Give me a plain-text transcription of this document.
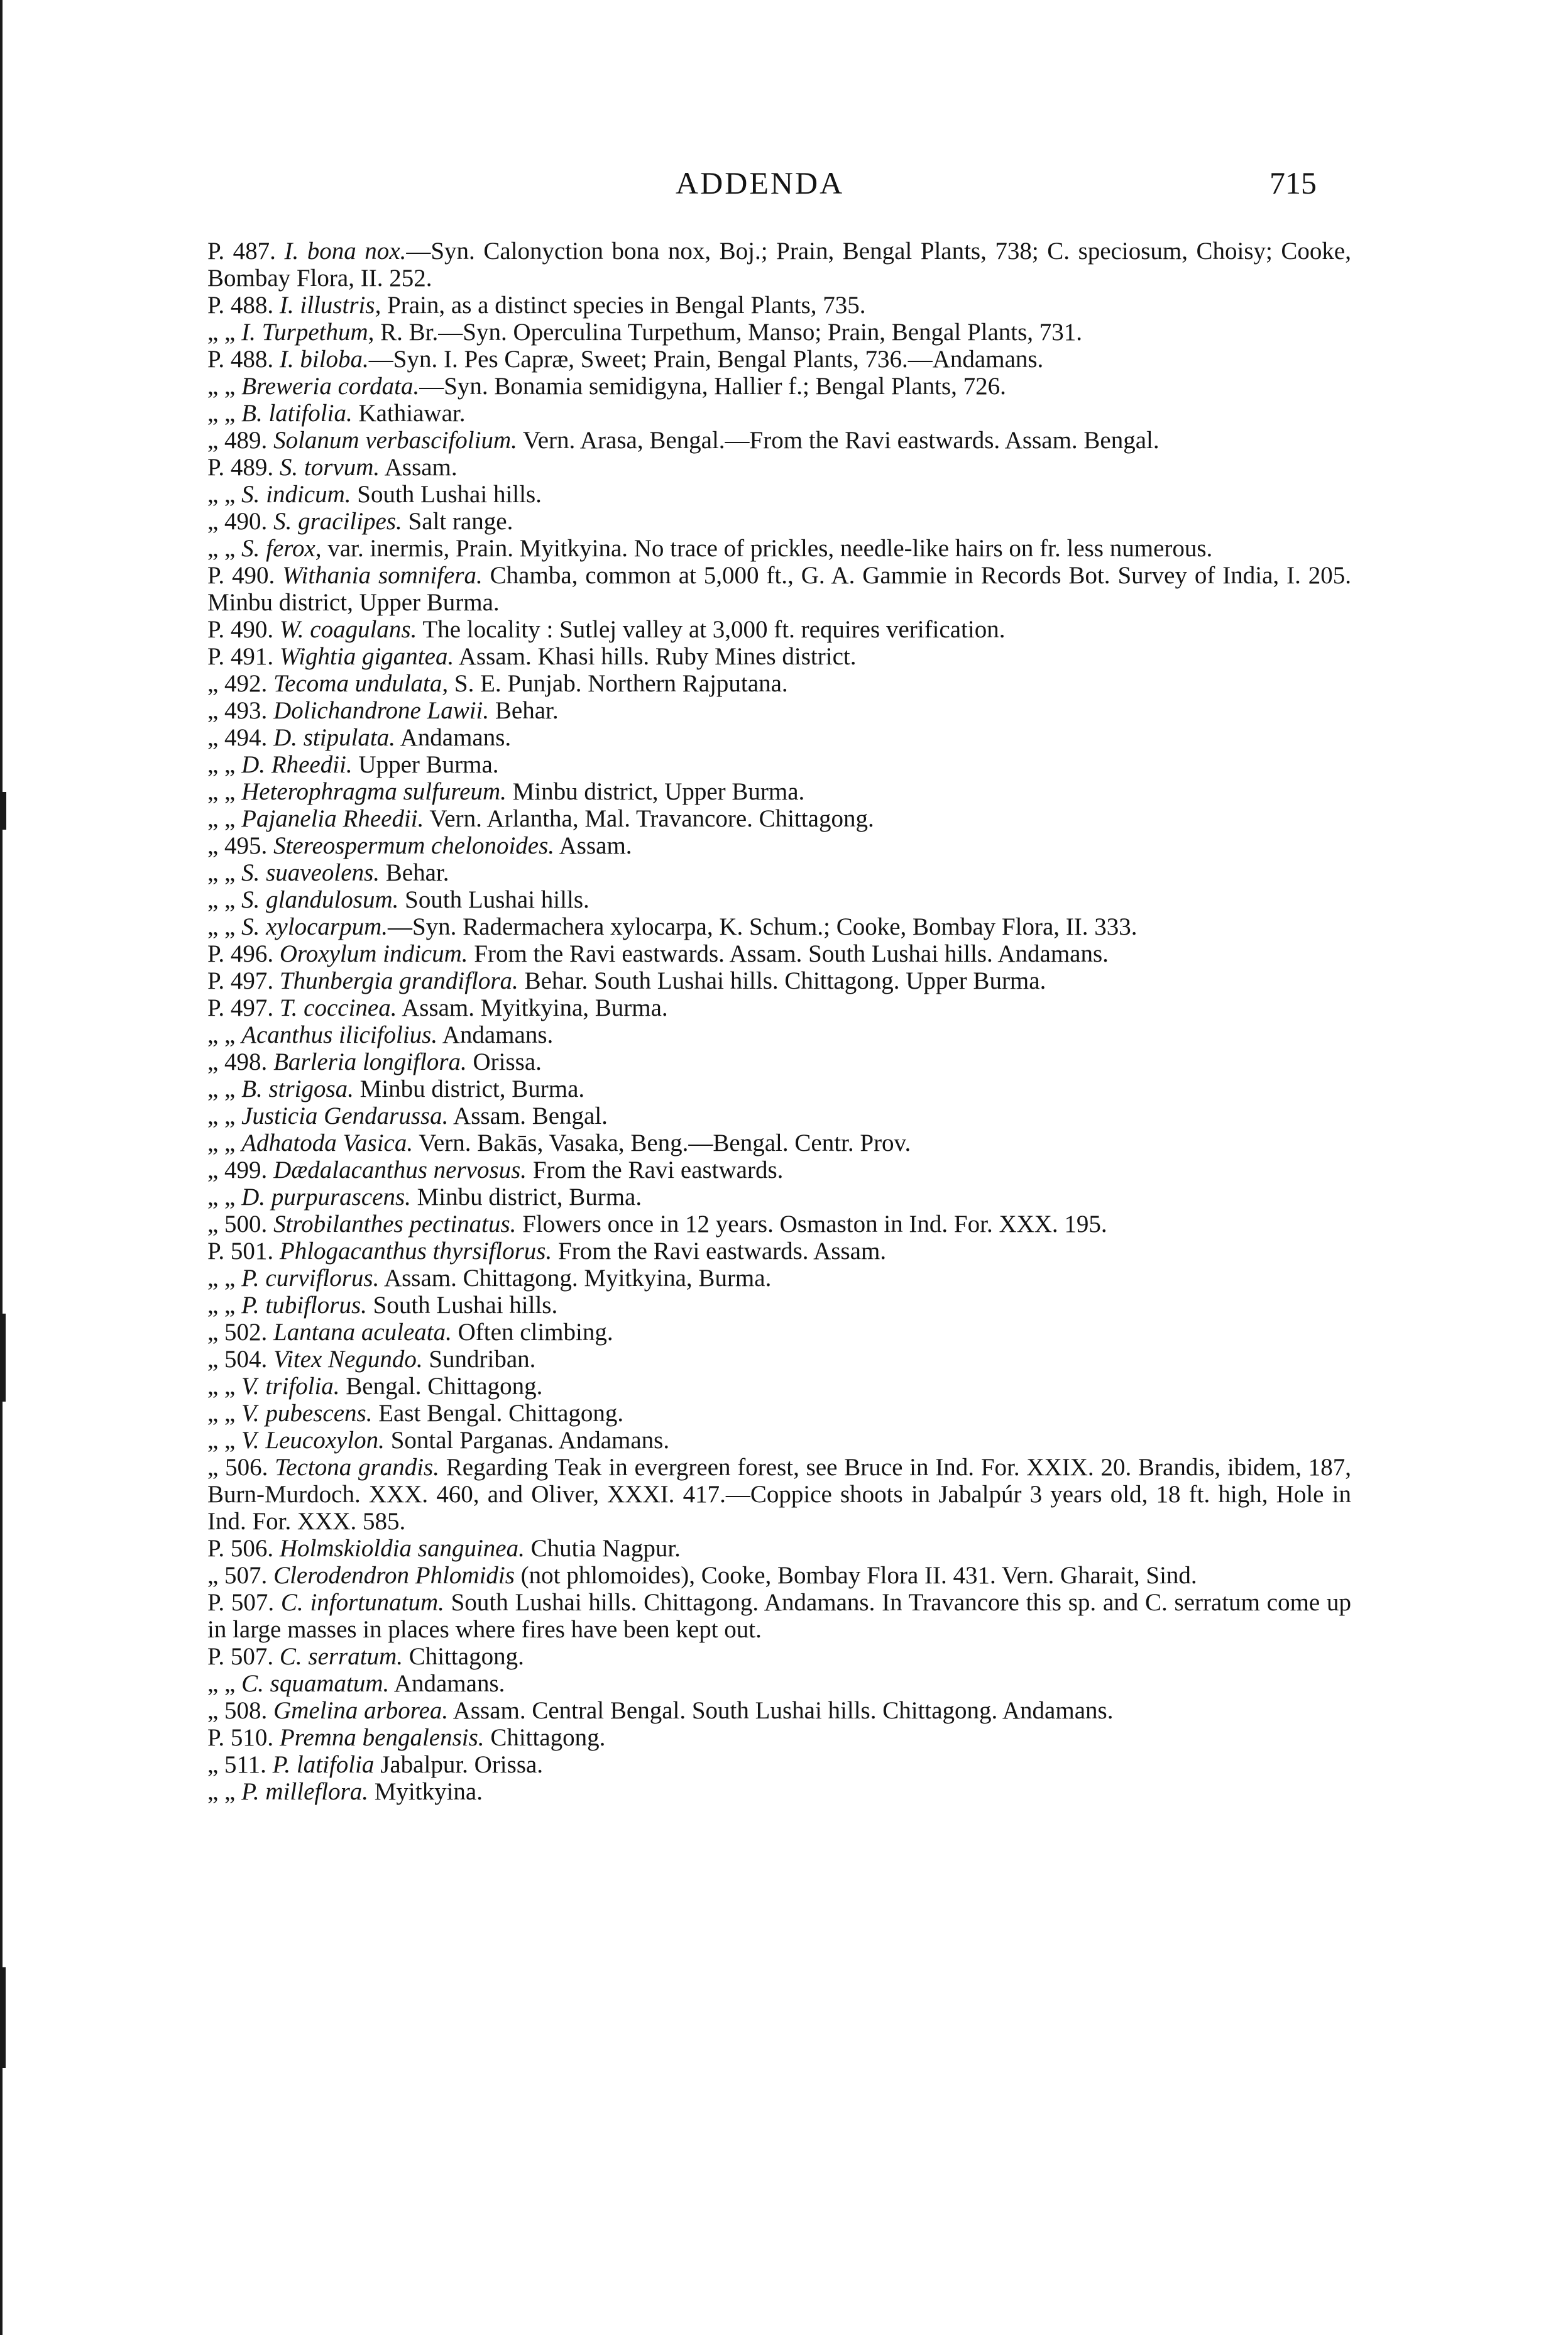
ADDENDA	715

P. 487. I. bona nox.—Syn. Calonyction bona nox, Boj.; Prain, Bengal Plants, 738; C. speciosum, Choisy; Cooke, Bombay Flora, II. 252.

P. 488. I. illustris, Prain, as a distinct species in Bengal Plants, 735.

„ „ I. Turpethum, R. Br.—Syn. Operculina Turpethum, Manso; Prain, Bengal Plants, 731.

P. 488. I. biloba.—Syn. I. Pes Capræ, Sweet; Prain, Bengal Plants, 736.—Andamans.

„ „ Breweria cordata.—Syn. Bonamia semidigyna, Hallier f.; Bengal Plants, 726.

„ „ B. latifolia. Kathiawar.

„ 489. Solanum verbascifolium. Vern. Arasa, Bengal.—From the Ravi eastwards. Assam. Bengal.

P. 489. S. torvum. Assam.

„ „ S. indicum. South Lushai hills.

„ 490. S. gracilipes. Salt range.

„ „ S. ferox, var. inermis, Prain. Myitkyina. No trace of prickles, needle-like hairs on fr. less numerous.

P. 490. Withania somnifera. Chamba, common at 5,000 ft., G. A. Gammie in Records Bot. Survey of India, I. 205. Minbu district, Upper Burma.

P. 490. W. coagulans. The locality : Sutlej valley at 3,000 ft. requires verification.

P. 491. Wightia gigantea. Assam. Khasi hills. Ruby Mines district.

„ 492. Tecoma undulata, S. E. Punjab. Northern Rajputana.

„ 493. Dolichandrone Lawii. Behar.

„ 494. D. stipulata. Andamans.

„ „ D. Rheedii. Upper Burma.

„ „ Heterophragma sulfureum. Minbu district, Upper Burma.

„ „ Pajanelia Rheedii. Vern. Arlantha, Mal. Travancore. Chittagong.

„ 495. Stereospermum chelonoides. Assam.

„ „ S. suaveolens. Behar.

„ „ S. glandulosum. South Lushai hills.

„ „ S. xylocarpum.—Syn. Radermachera xylocarpa, K. Schum.; Cooke, Bombay Flora, II. 333.

P. 496. Oroxylum indicum. From the Ravi eastwards. Assam. South Lushai hills. Andamans.

P. 497. Thunbergia grandiflora. Behar. South Lushai hills. Chittagong. Upper Burma.

P. 497. T. coccinea. Assam. Myitkyina, Burma.

„ „ Acanthus ilicifolius. Andamans.

„ 498. Barleria longiflora. Orissa.

„ „ B. strigosa. Minbu district, Burma.

„ „ Justicia Gendarussa. Assam. Bengal.

„ „ Adhatoda Vasica. Vern. Bakās, Vasaka, Beng.—Bengal. Centr. Prov.

„ 499. Dædalacanthus nervosus. From the Ravi eastwards.

„ „ D. purpurascens. Minbu district, Burma.

„ 500. Strobilanthes pectinatus. Flowers once in 12 years. Osmaston in Ind. For. XXX. 195.

P. 501. Phlogacanthus thyrsiflorus. From the Ravi eastwards. Assam.

„ „ P. curviflorus. Assam. Chittagong. Myitkyina, Burma.

„ „ P. tubiflorus. South Lushai hills.

„ 502. Lantana aculeata. Often climbing.

„ 504. Vitex Negundo. Sundriban.

„ „ V. trifolia. Bengal. Chittagong.

„ „ V. pubescens. East Bengal. Chittagong.

„ „ V. Leucoxylon. Sontal Parganas. Andamans.

„ 506. Tectona grandis. Regarding Teak in evergreen forest, see Bruce in Ind. For. XXIX. 20. Brandis, ibidem, 187, Burn-Murdoch. XXX. 460, and Oliver, XXXI. 417.—Coppice shoots in Jabalpúr 3 years old, 18 ft. high, Hole in Ind. For. XXX. 585.

P. 506. Holmskioldia sanguinea. Chutia Nagpur.

„ 507. Clerodendron Phlomidis (not phlomoides), Cooke, Bombay Flora II. 431. Vern. Gharait, Sind.

P. 507. C. infortunatum. South Lushai hills. Chittagong. Andamans. In Travancore this sp. and C. serratum come up in large masses in places where fires have been kept out.

P. 507. C. serratum. Chittagong.

„ „ C. squamatum. Andamans.

„ 508. Gmelina arborea. Assam. Central Bengal. South Lushai hills. Chittagong. Andamans.

P. 510. Premna bengalensis. Chittagong.

„ 511. P. latifolia Jabalpur. Orissa.

„ „ P. milleflora. Myitkyina.
